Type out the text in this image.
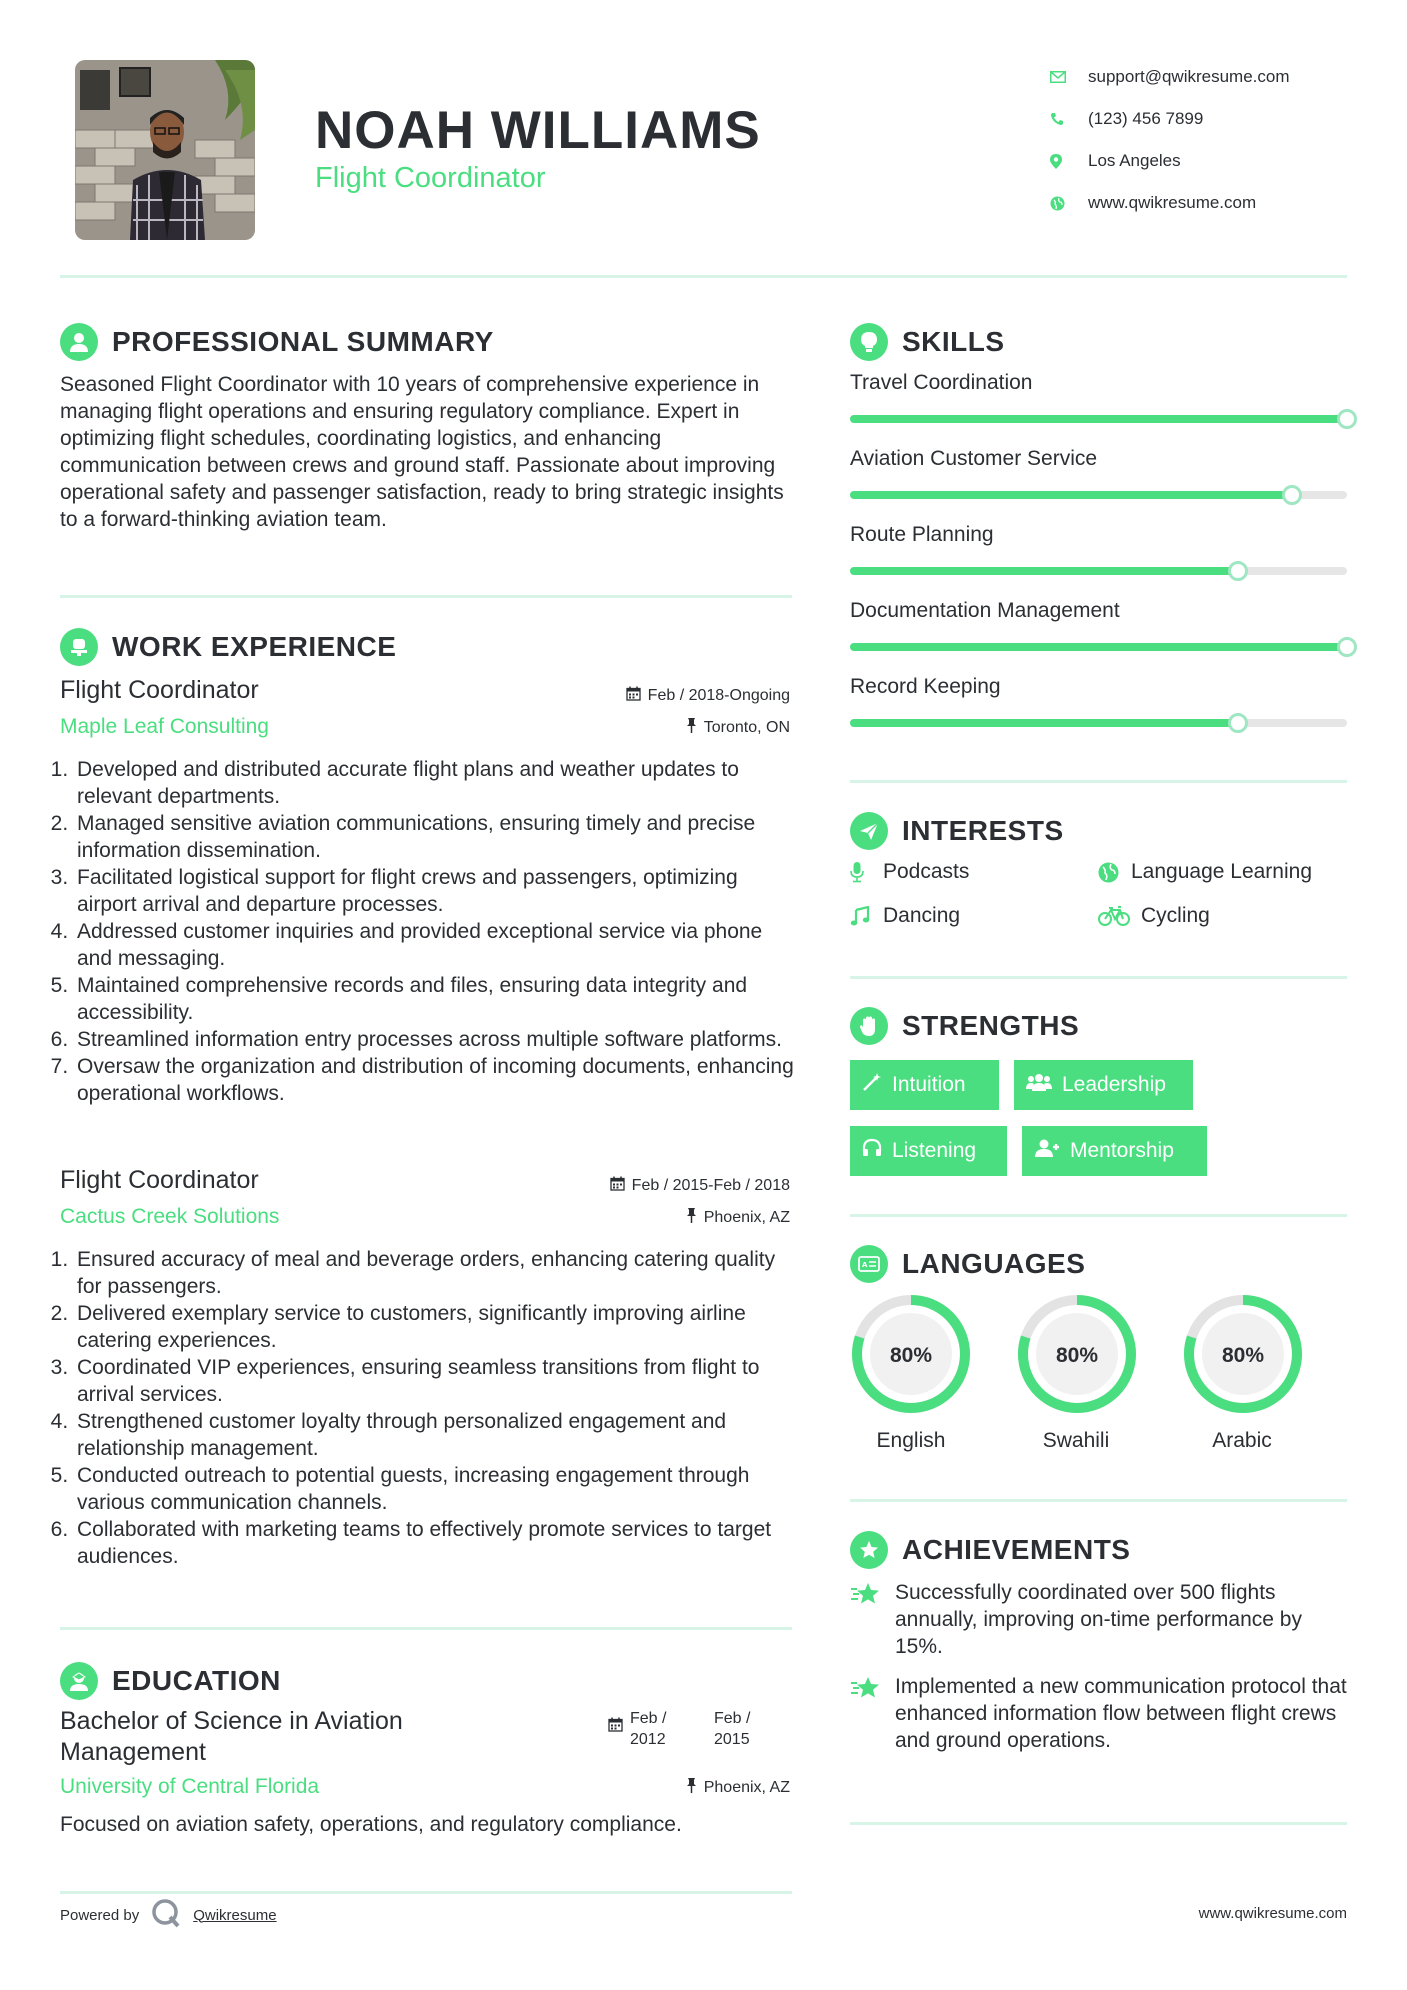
NOAH WILLIAMS
Flight Coordinator
support@qwikresume.com
(123) 456 7899
Los Angeles
www.qwikresume.com
PROFESSIONAL SUMMARY
Seasoned Flight Coordinator with 10 years of comprehensive experience in managing flight operations and ensuring regulatory compliance. Expert in optimizing flight schedules, coordinating logistics, and enhancing communication between crews and ground staff. Passionate about improving operational safety and passenger satisfaction, ready to bring strategic insights to a forward-thinking aviation team.
WORK EXPERIENCE
Flight Coordinator
Maple Leaf Consulting
Feb / 2018-Ongoing
Toronto, ON
1. Developed and distributed accurate flight plans and weather updates to relevant departments.
2. Managed sensitive aviation communications, ensuring timely and precise information dissemination.
3. Facilitated logistical support for flight crews and passengers, optimizing airport arrival and departure processes.
4. Addressed customer inquiries and provided exceptional service via phone and messaging.
5. Maintained comprehensive records and files, ensuring data integrity and accessibility.
6. Streamlined information entry processes across multiple software platforms.
7. Oversaw the organization and distribution of incoming documents, enhancing operational workflows.
Flight Coordinator
Cactus Creek Solutions
Feb / 2015-Feb / 2018
Phoenix, AZ
1. Ensured accuracy of meal and beverage orders, enhancing catering quality for passengers.
2. Delivered exemplary service to customers, significantly improving airline catering experiences.
3. Coordinated VIP experiences, ensuring seamless transitions from flight to arrival services.
4. Strengthened customer loyalty through personalized engagement and relationship management.
5. Conducted outreach to potential guests, increasing engagement through various communication channels.
6. Collaborated with marketing teams to effectively promote services to target audiences.
EDUCATION
Bachelor of Science in Aviation Management
Feb / 2012
Feb / 2015
University of Central Florida	Phoenix, AZ
Focused on aviation safety, operations, and regulatory compliance.
SKILLS
Travel Coordination
Aviation Customer Service
Route Planning
Documentation Management
Record Keeping
INTERESTS
Podcasts	Language Learning
Dancing	Cycling
STRENGTHS
Intuition	Leadership
Listening	Mentorship
A LANGUAGES
80%	80%	80%
English	Swahili	Arabic
ACHIEVEMENTS
Successfully coordinated over 500 flights annually, improving on-time performance by 15%.
Implemented a new communication protocol that enhanced information flow between flight crews and ground operations.
Powered by	Qwikresume	www.qwikresume.com
